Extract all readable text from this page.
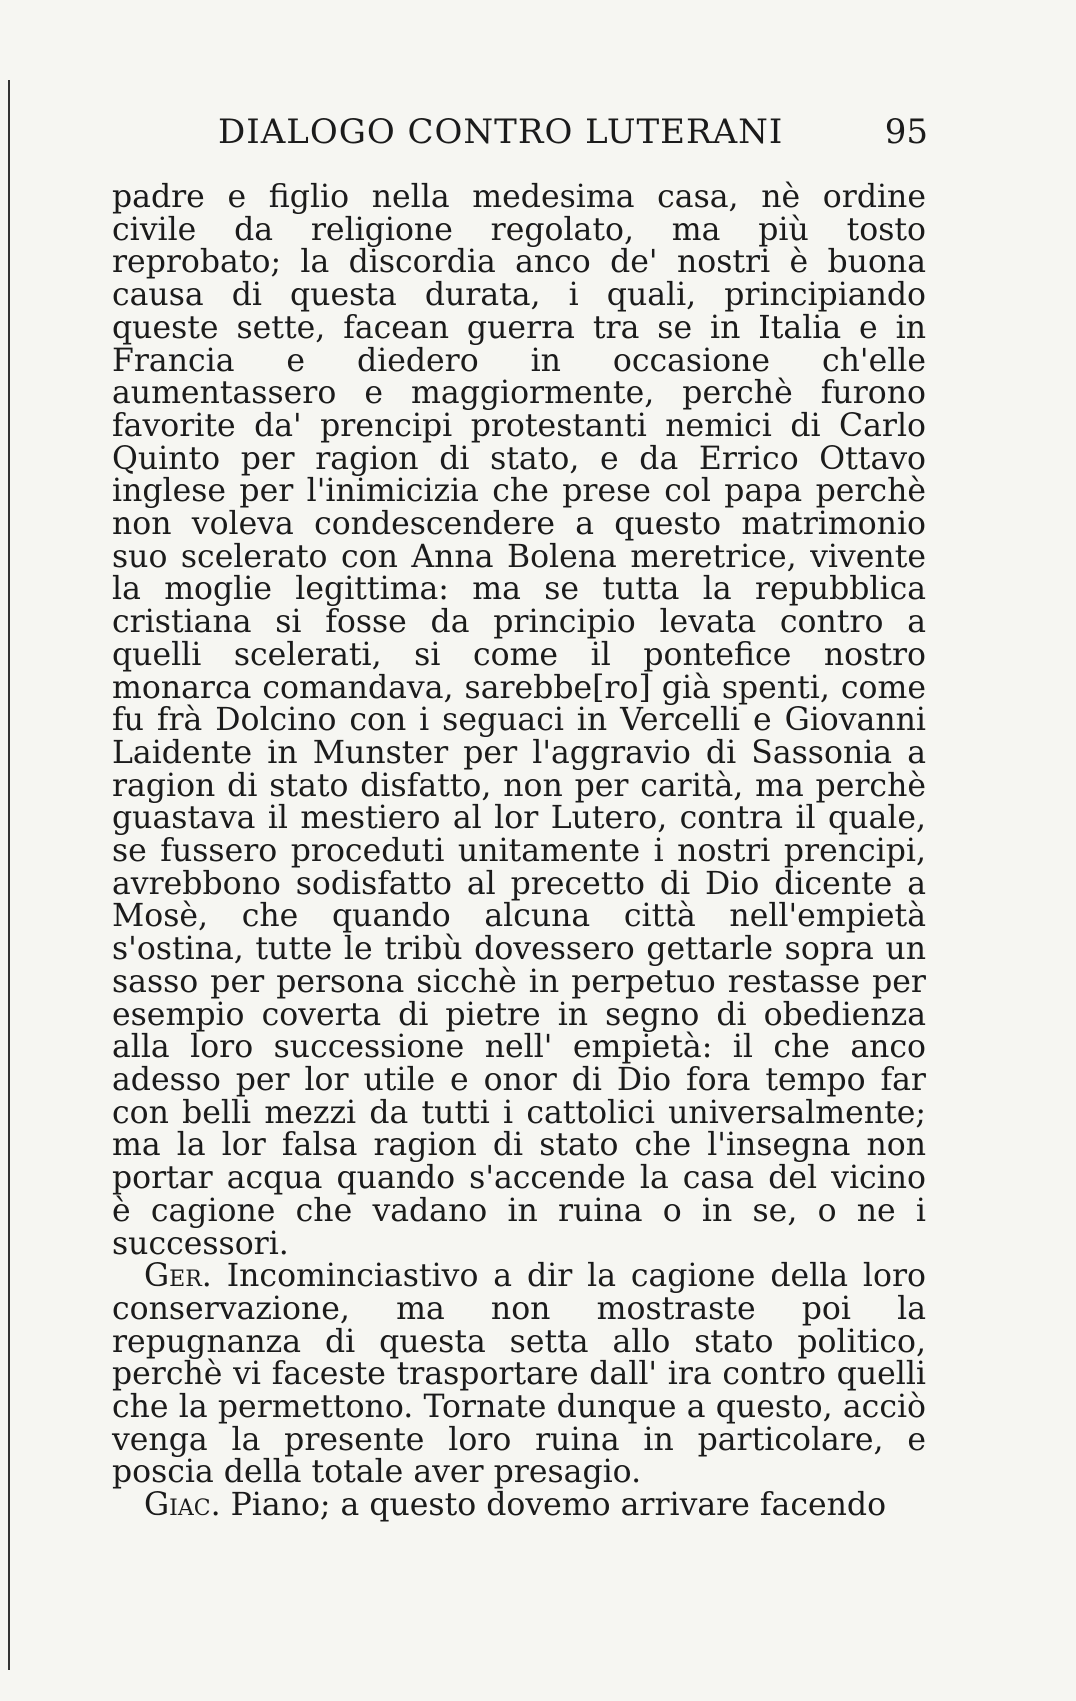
DIALOGO CONTRO LUTERANI	95

padre e figlio nella medesima casa, nè ordine civile da religione regolato, ma più tosto reprobato; la discordia anco de' nostri è buona causa di questa durata, i quali, principiando queste sette, facean guerra tra se in Italia e in Francia e diedero in occasione ch'elle aumentassero e maggiormente, perchè furono favorite da' prencipi protestanti nemici di Carlo Quinto per ragion di stato, e da Errico Ottavo inglese per l'inimicizia che prese col papa perchè non voleva condescendere a questo matrimonio suo scelerato con Anna Bolena meretrice, vivente la moglie legittima: ma se tutta la repubblica cristiana si fosse da principio levata contro a quelli scelerati, si come il pontefice nostro monarca comandava, sarebbe[ro] già spenti, come fu frà Dolcino con i seguaci in Vercelli e Giovanni Laidente in Munster per l'aggravio di Sassonia a ragion di stato disfatto, non per carità, ma perchè guastava il mestiero al lor Lutero, contra il quale, se fussero proceduti unitamente i nostri prencipi, avrebbono sodisfatto al precetto di Dio dicente a Mosè, che quando alcuna città nell'empietà s'ostina, tutte le tribù dovessero gettarle sopra un sasso per persona sicchè in perpetuo restasse per esempio coverta di pietre in segno di obedienza alla loro successione nell' empietà: il che anco adesso per lor utile e onor di Dio fora tempo far con belli mezzi da tutti i cattolici universalmente; ma la lor falsa ragion di stato che l'insegna non portar acqua quando s'accende la casa del vicino è cagione che vadano in ruina o in se, o ne i successori.

Ger. Incominciastivo a dir la cagione della loro conservazione, ma non mostraste poi la repugnanza di questa setta allo stato politico, perchè vi faceste trasportare dall' ira contro quelli che la permettono. Tornate dunque a questo, acciò venga la presente loro ruina in particolare, e poscia della totale aver presagio.

Giac. Piano; a questo dovemo arrivare facendo
